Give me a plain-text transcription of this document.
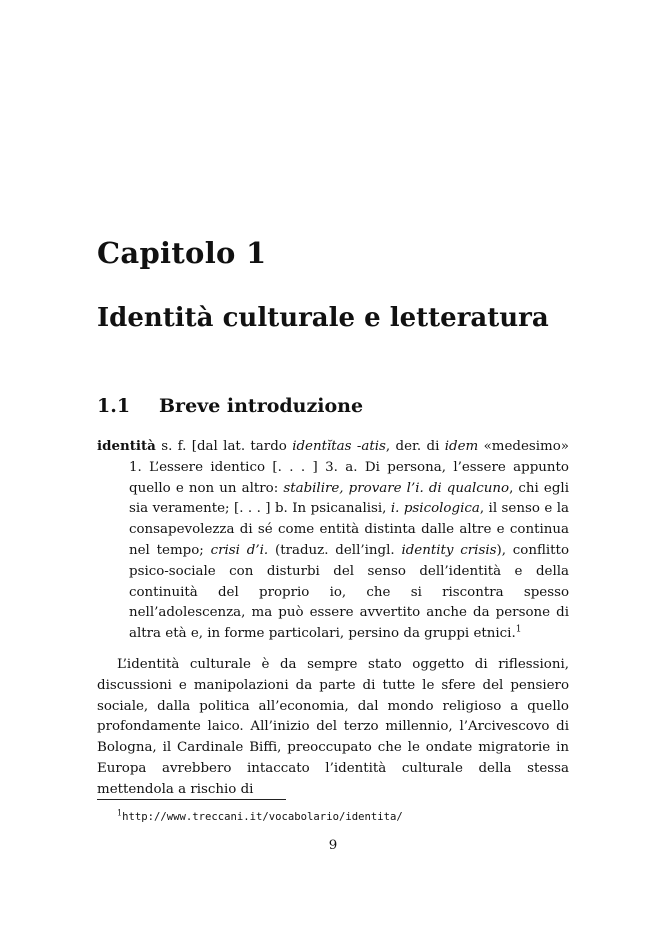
Capitolo 1
Identità culturale e letteratura
1.1 Breve introduzione

identità s. f. [dal lat. tardo identĭtas -atis, der. di idem «medesimo» 1. L’essere identico [. . . ] 3. a. Di persona, l’essere appunto quello e non un altro: stabilire, provare l’i. di qualcuno, chi egli sia veramente; [. . . ] b. In psicanalisi, i. psicologica, il senso e la consapevolezza di sé come entità distinta dalle altre e continua nel tempo; crisi d’i. (traduz. dell’ingl. identity crisis), conflitto psico-sociale con disturbi del senso dell’identità e della continuità del proprio io, che si riscontra spesso nell’adolescenza, ma può essere avvertito anche da persone di altra età e, in forme particolari, persino da gruppi etnici.$^1$

L’identità culturale è da sempre stato oggetto di riflessioni, discussioni e manipolazioni da parte di tutte le sfere del pensiero sociale, dalla politica all’economia, dal mondo religioso a quello profondamente laico. All’inizio del terzo millennio, l’Arcivescovo di Bologna, il Cardinale Biffi, preoccupato che le ondate migratorie in Europa avrebbero intaccato l’identità culturale della stessa mettendola a rischio di

$^1$http://www.treccani.it/vocabolario/identita/
9
